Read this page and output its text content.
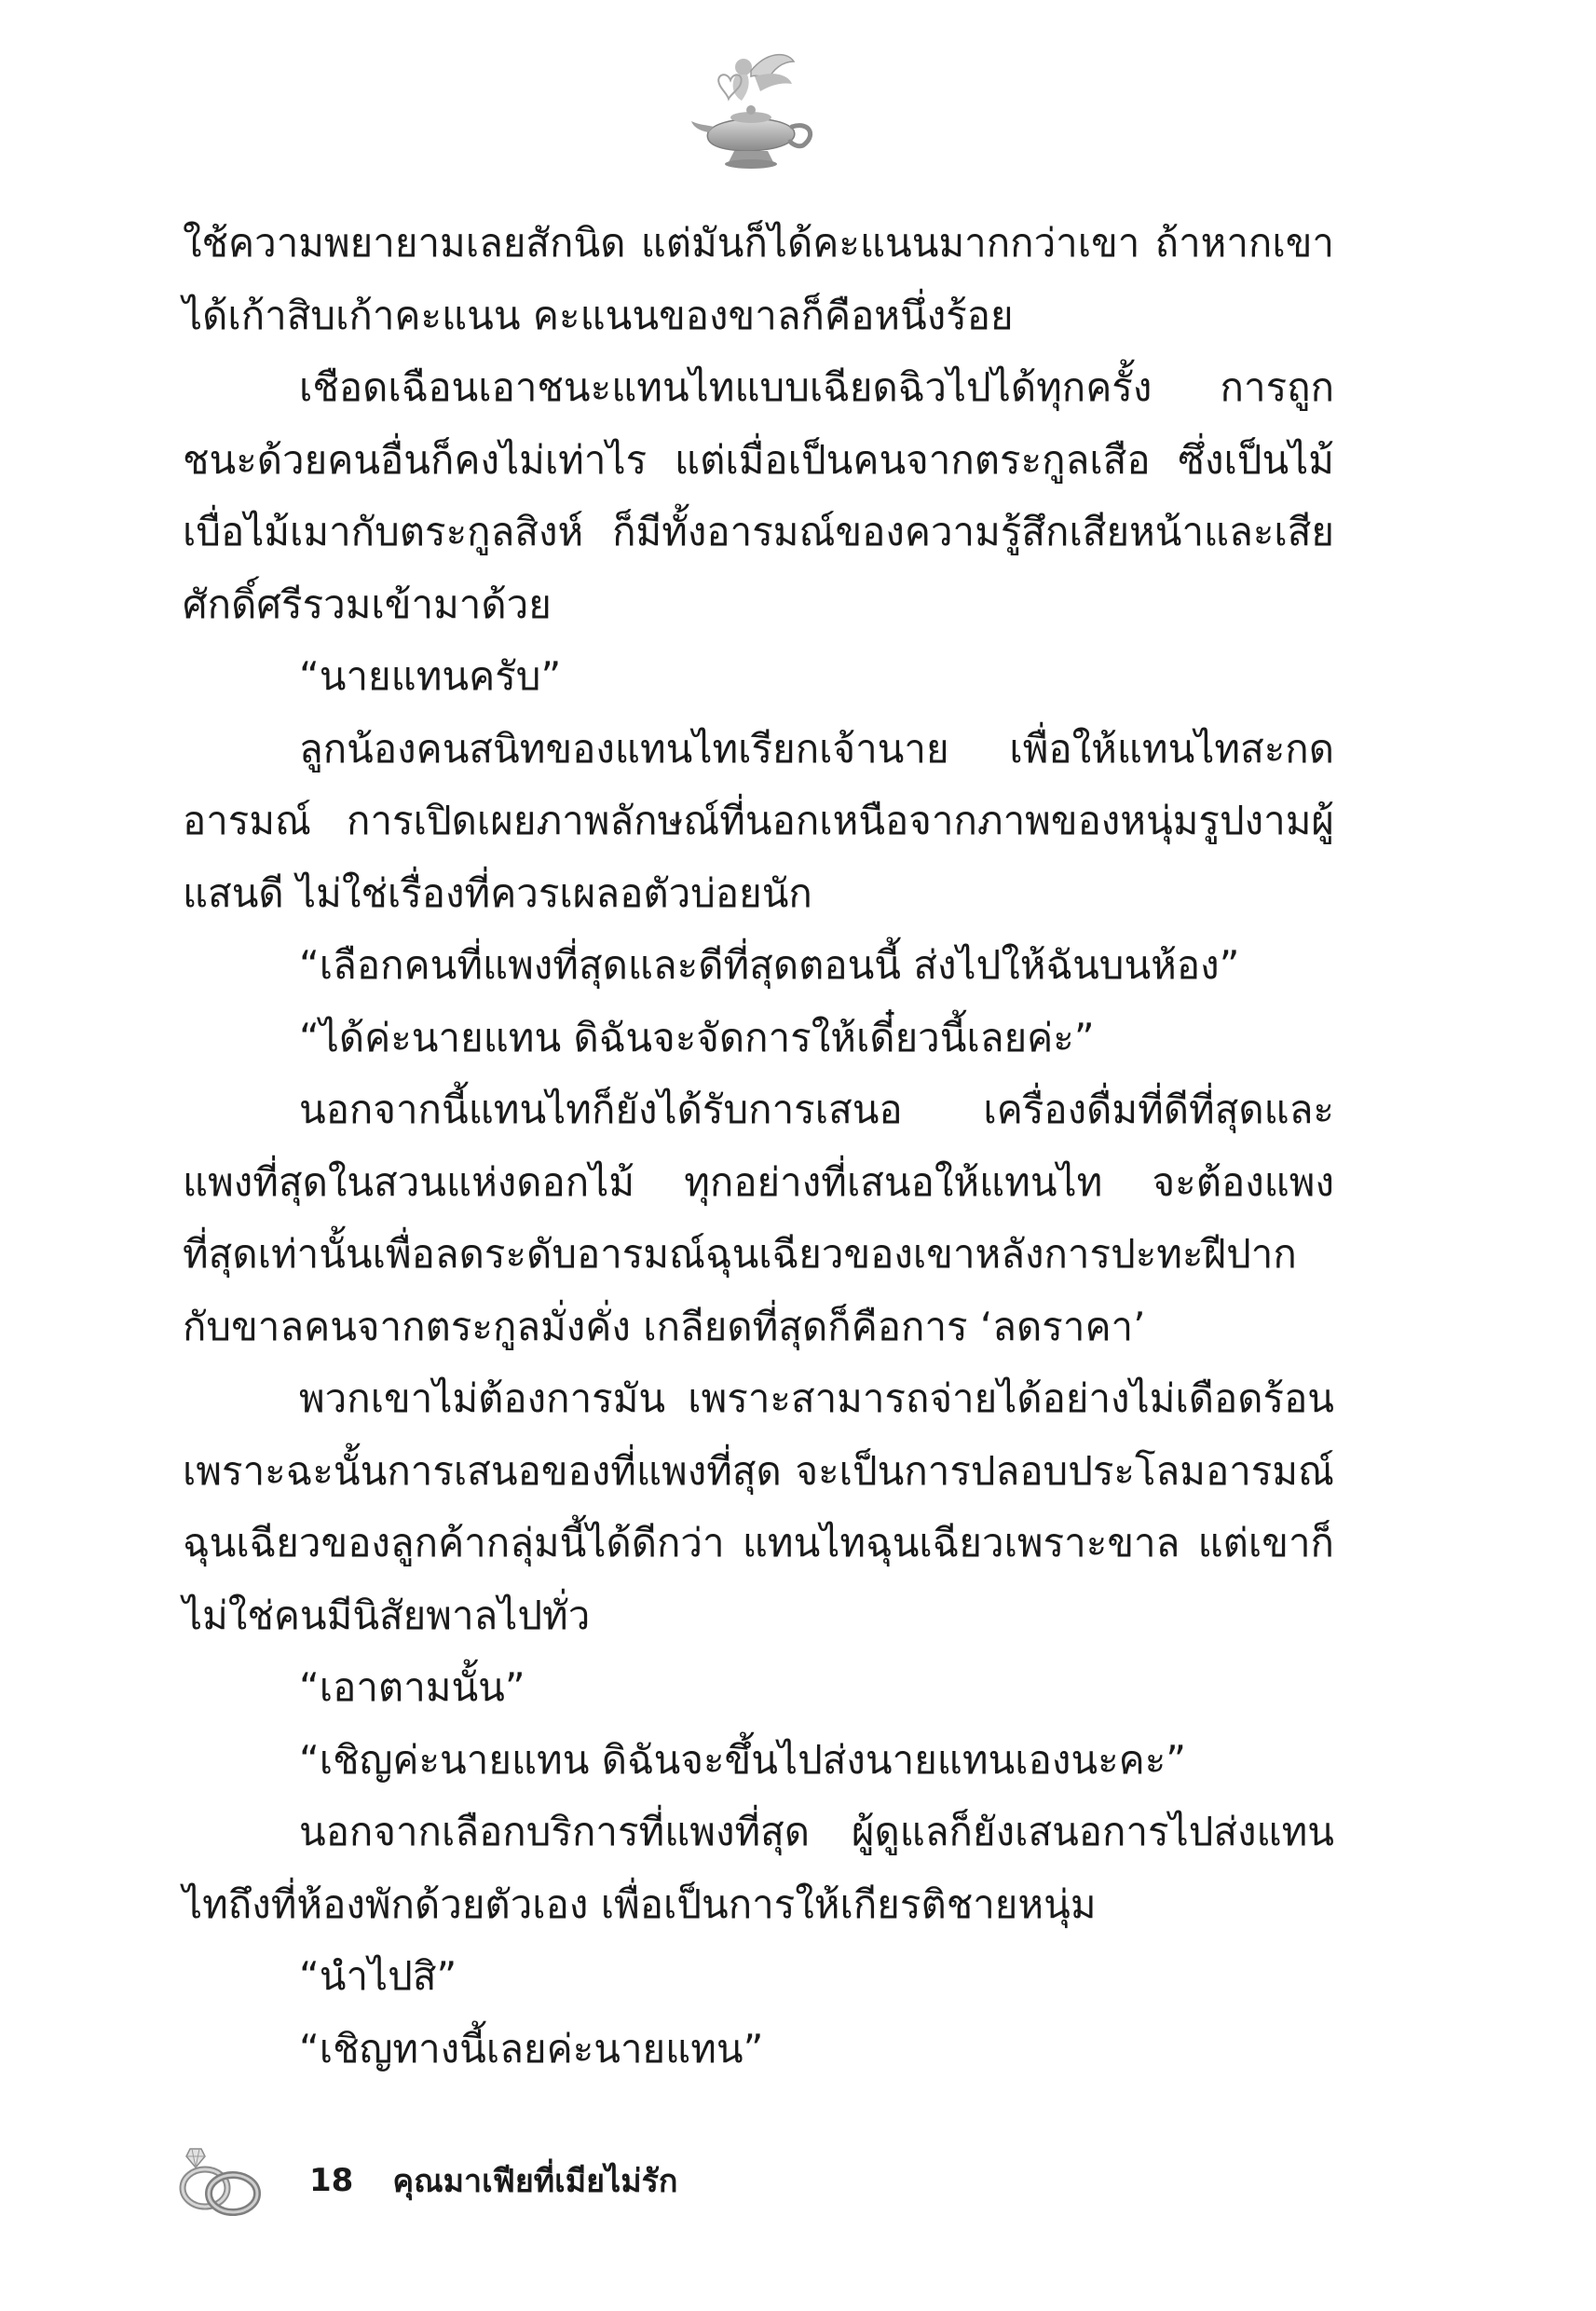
ใช้ความพยายามเลยสักนิด แต่มันก็ได้คะแนนมากกว่าเขา ถ้าหากเขาได้เก้าสิบเก้าคะแนน คะแนนของขาลก็คือหนึ่งร้อย

เชือดเฉือนเอาชนะแทนไทแบบเฉียดฉิวไปได้ทุกครั้ง การถูกชนะด้วยคนอื่นก็คงไม่เท่าไร แต่เมื่อเป็นคนจากตระกูลเสือ ซึ่งเป็นไม้เบื่อไม้เมากับตระกูลสิงห์ ก็มีทั้งอารมณ์ของความรู้สึกเสียหน้าและเสียศักดิ์ศรีรวมเข้ามาด้วย

“นายแทนครับ”

ลูกน้องคนสนิทของแทนไทเรียกเจ้านาย เพื่อให้แทนไทสะกดอารมณ์ การเปิดเผยภาพลักษณ์ที่นอกเหนือจากภาพของหนุ่มรูปงามผู้แสนดี ไม่ใช่เรื่องที่ควรเผลอตัวบ่อยนัก

“เลือกคนที่แพงที่สุดและดีที่สุดตอนนี้ ส่งไปให้ฉันบนห้อง”

“ได้ค่ะนายแทน ดิฉันจะจัดการให้เดี๋ยวนี้เลยค่ะ”

นอกจากนี้แทนไทก็ยังได้รับการเสนอ เครื่องดื่มที่ดีที่สุดและแพงที่สุดในสวนแห่งดอกไม้ ทุกอย่างที่เสนอให้แทนไท จะต้องแพงที่สุดเท่านั้นเพื่อลดระดับอารมณ์ฉุนเฉียวของเขาหลังการปะทะฝีปากกับขาลคนจากตระกูลมั่งคั่ง เกลียดที่สุดก็คือการ ‘ลดราคา’

พวกเขาไม่ต้องการมัน เพราะสามารถจ่ายได้อย่างไม่เดือดร้อน เพราะฉะนั้นการเสนอของที่แพงที่สุด จะเป็นการปลอบประโลมอารมณ์ฉุนเฉียวของลูกค้ากลุ่มนี้ได้ดีกว่า แทนไทฉุนเฉียวเพราะขาล แต่เขาก็ไม่ใช่คนมีนิสัยพาลไปทั่ว

“เอาตามนั้น”

“เชิญค่ะนายแทน ดิฉันจะขึ้นไปส่งนายแทนเองนะคะ”

นอกจากเลือกบริการที่แพงที่สุด ผู้ดูแลก็ยังเสนอการไปส่งแทนไทถึงที่ห้องพักด้วยตัวเอง เพื่อเป็นการให้เกียรติชายหนุ่ม

“นำไปสิ”

“เชิญทางนี้เลยค่ะนายแทน”

18 คุณมาเฟียที่เมียไม่รัก
